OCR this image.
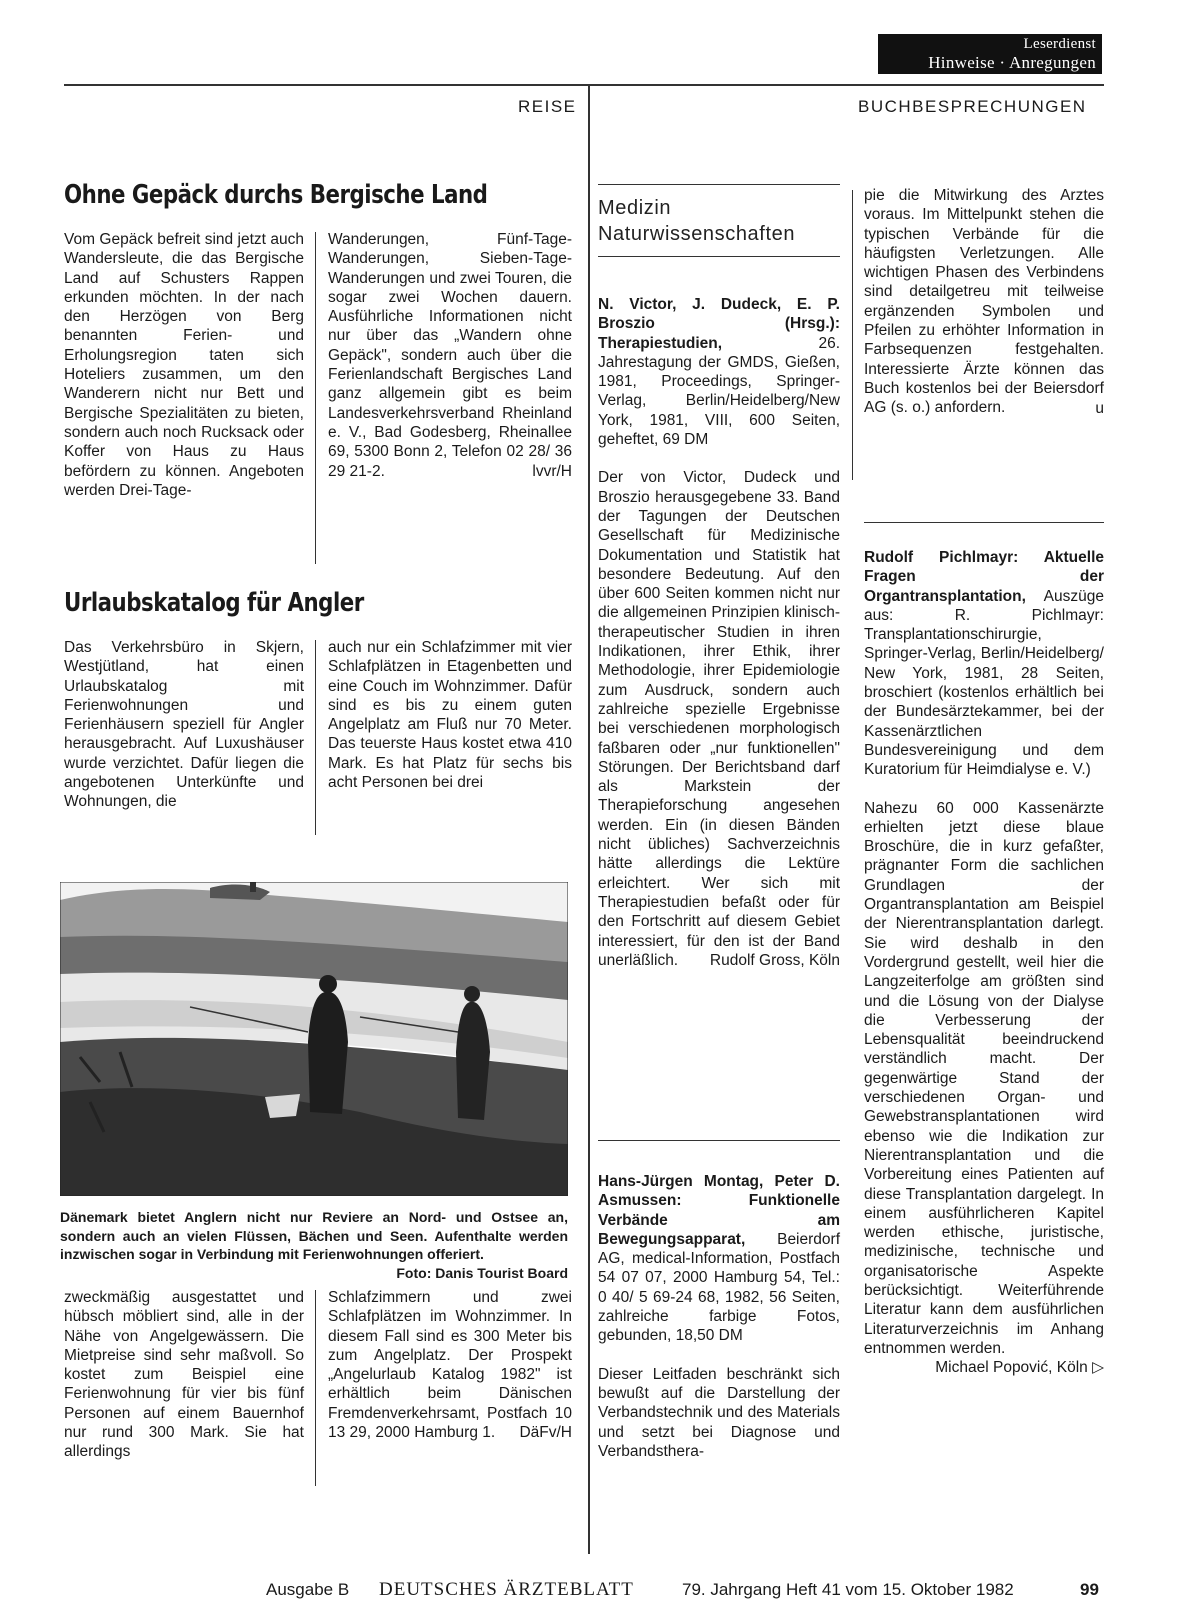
Leserdienst
Hinweise · Anregungen
REISE	BUCHBESPRECHUNGEN
Ohne Gepäck durchs Bergische Land

Vom Gepäck befreit sind jetzt auch Wandersleute, die das Bergische Land auf Schusters Rappen erkunden möchten. In der nach den Herzögen von Berg benannten Ferien- und Erholungsregion taten sich Hoteliers zusammen, um den Wanderern nicht nur Bett und Bergische Spezialitäten zu bieten, sondern auch noch Rucksack oder Koffer von Haus zu Haus befördern zu können. Angeboten werden Drei-Tage-

Wanderungen, Fünf-Tage-Wanderungen, Sieben-Tage-Wanderungen und zwei Touren, die sogar zwei Wochen dauern. Ausführliche Informationen nicht nur über das „Wandern ohne Gepäck", sondern auch über die Ferienlandschaft Bergisches Land ganz allgemein gibt es beim Landesverkehrsverband Rheinland e. V., Bad Godesberg, Rheinallee 69, 5300 Bonn 2, Telefon 02 28/ 36 29 21-2.	lvvr/H

Urlaubskatalog für Angler

Das Verkehrsbüro in Skjern, Westjütland, hat einen Urlaubskatalog mit Ferienwohnungen und Ferienhäusern speziell für Angler herausgebracht. Auf Luxushäuser wurde verzichtet. Dafür liegen die angebotenen Unterkünfte und Wohnungen, die

auch nur ein Schlafzimmer mit vier Schlafplätzen in Etagenbetten und eine Couch im Wohnzimmer. Dafür sind es bis zu einem guten Angelplatz am Fluß nur 70 Meter. Das teuerste Haus kostet etwa 410 Mark. Es hat Platz für sechs bis acht Personen bei drei

Dänemark bietet Anglern nicht nur Reviere an Nord- und Ostsee an, sondern auch an vielen Flüssen, Bächen und Seen. Aufenthalte werden inzwischen sogar in Verbindung mit Ferienwohnungen offeriert.
Foto: Danis Tourist Board

zweckmäßig ausgestattet und hübsch möbliert sind, alle in der Nähe von Angelgewässern. Die Mietpreise sind sehr maßvoll. So kostet zum Beispiel eine Ferienwohnung für vier bis fünf Personen auf einem Bauernhof nur rund 300 Mark. Sie hat allerdings

Schlafzimmern und zwei Schlafplätzen im Wohnzimmer. In diesem Fall sind es 300 Meter bis zum Angelplatz. Der Prospekt „Angelurlaub Katalog 1982" ist erhältlich beim Dänischen Fremdenverkehrsamt, Postfach 10 13 29, 2000 Hamburg 1.	DäFv/H

Medizin
Naturwissenschaften

N. Victor, J. Dudeck, E. P. Broszio (Hrsg.): Therapiestudien, 26. Jahrestagung der GMDS, Gießen, 1981, Proceedings, Springer-Verlag, Berlin/Heidelberg/New York, 1981, VIII, 600 Seiten, geheftet, 69 DM

Der von Victor, Dudeck und Broszio herausgegebene 33. Band der Tagungen der Deutschen Gesellschaft für Medizinische Dokumentation und Statistik hat besondere Bedeutung. Auf den über 600 Seiten kommen nicht nur die allgemeinen Prinzipien klinisch-therapeutischer Studien in ihren Indikationen, ihrer Ethik, ihrer Methodologie, ihrer Epidemiologie zum Ausdruck, sondern auch zahlreiche spezielle Ergebnisse bei verschiedenen morphologisch faßbaren oder „nur funktionellen" Störungen. Der Berichtsband darf als Markstein der Therapieforschung angesehen werden. Ein (in diesen Bänden nicht übliches) Sachverzeichnis hätte allerdings die Lektüre erleichtert. Wer sich mit Therapiestudien befaßt oder für den Fortschritt auf diesem Gebiet interessiert, für den ist der Band unerläßlich.	Rudolf Gross, Köln

Hans-Jürgen Montag, Peter D. Asmussen: Funktionelle Verbände am Bewegungsapparat, Beierdorf AG, medical-Information, Postfach 54 07 07, 2000 Hamburg 54, Tel.: 0 40/ 5 69-24 68, 1982, 56 Seiten, zahlreiche farbige Fotos, gebunden, 18,50 DM

Dieser Leitfaden beschränkt sich bewußt auf die Darstellung der Verbandstechnik und des Materials und setzt bei Diagnose und Verbandsthera-

pie die Mitwirkung des Arztes voraus. Im Mittelpunkt stehen die typischen Verbände für die häufigsten Verletzungen. Alle wichtigen Phasen des Verbindens sind detailgetreu mit teilweise ergänzenden Symbolen und Pfeilen zu erhöhter Information in Farbsequenzen festgehalten. Interessierte Ärzte können das Buch kostenlos bei der Beiersdorf AG (s. o.) anfordern.	u

Rudolf Pichlmayr: Aktuelle Fragen der Organtransplantation, Auszüge aus: R. Pichlmayr: Transplantationschirurgie, Springer-Verlag, Berlin/Heidelberg/ New York, 1981, 28 Seiten, broschiert (kostenlos erhältlich bei der Bundesärztekammer, bei der Kassenärztlichen Bundesvereinigung und dem Kuratorium für Heimdialyse e. V.)

Nahezu 60 000 Kassenärzte erhielten jetzt diese blaue Broschüre, die in kurz gefaßter, prägnanter Form die sachlichen Grundlagen der Organtransplantation am Beispiel der Nierentransplantation darlegt. Sie wird deshalb in den Vordergrund gestellt, weil hier die Langzeiterfolge am größten sind und die Lösung von der Dialyse die Verbesserung der Lebensqualität beeindruckend verständlich macht. Der gegenwärtige Stand der verschiedenen Organ- und Gewebstransplantationen wird ebenso wie die Indikation zur Nierentransplantation und die Vorbereitung eines Patienten auf diese Transplantation dargelegt. In einem ausführlicheren Kapitel werden ethische, juristische, medizinische, technische und organisatorische Aspekte berücksichtigt. Weiterführende Literatur kann dem ausführlichen Literaturverzeichnis im Anhang entnommen werden.

Michael Popović, Köln ▷

Ausgabe B DEUTSCHES ÄRZTEBLATT	79. Jahrgang Heft 41 vom 15. Oktober 1982	99
